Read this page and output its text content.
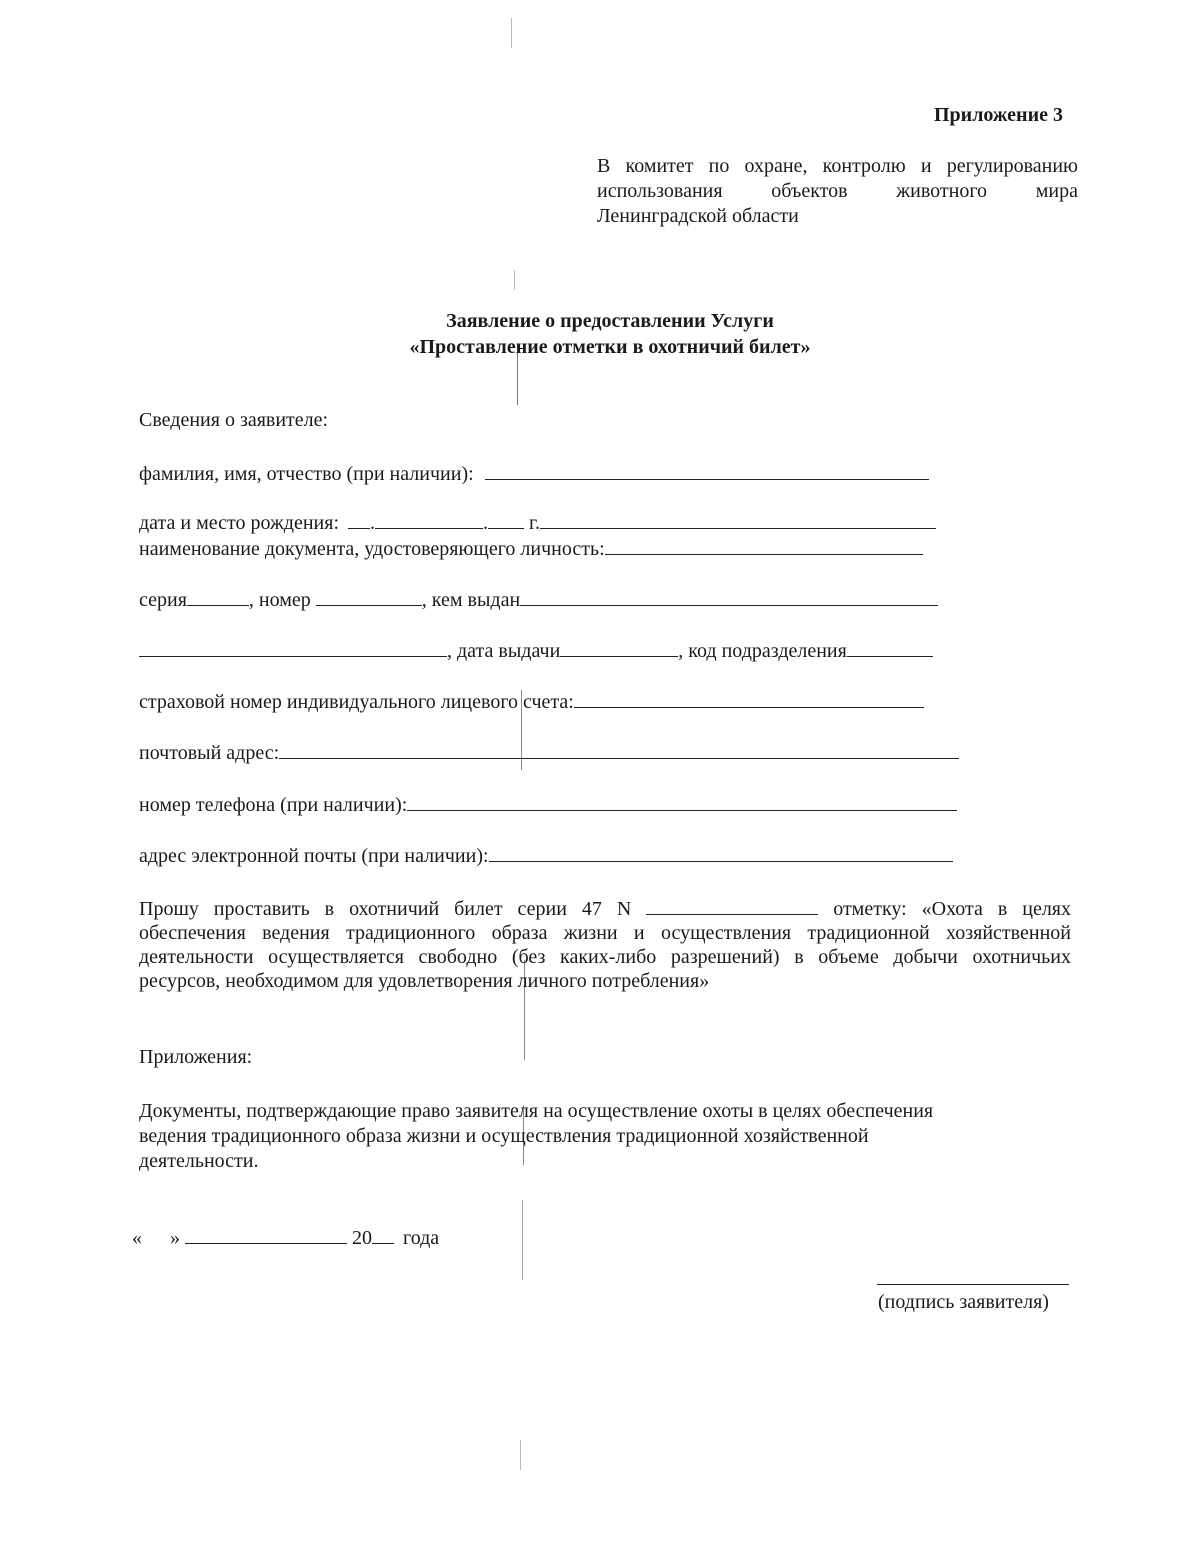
Приложение 3
В комитет по охране, контролю и регулированию
использования объектов животного мира
Ленинградской области
Заявление о предоставлении Услуги
«Проставление отметки в охотничий билет»
Сведения о заявителе:
фамилия, имя, отчество (при наличии):
дата и место рождения: .	. г.
наименование документа, удостоверяющего личность:
серия	, номер	, кем выдан
, дата выдачи	, код подразделения
страховой номер индивидуального лицевого счета:
почтовый адрес:
номер телефона (при наличии):
адрес электронной почты (при наличии):
Прошу проставить в охотничий билет серии 47 N	отметку: «Охота в целях
обеспечения ведения традиционного образа жизни и осуществления традиционной хозяйственной
деятельности осуществляется свободно (без каких-либо разрешений) в объеме добычи охотничьих
ресурсов, необходимом для удовлетворения личного потребления»
Приложения:
Документы, подтверждающие право заявителя на осуществление охоты в целях обеспечения
ведения традиционного образа жизни и осуществления традиционной хозяйственной
деятельности.
« »	20 года
(подпись заявителя)
